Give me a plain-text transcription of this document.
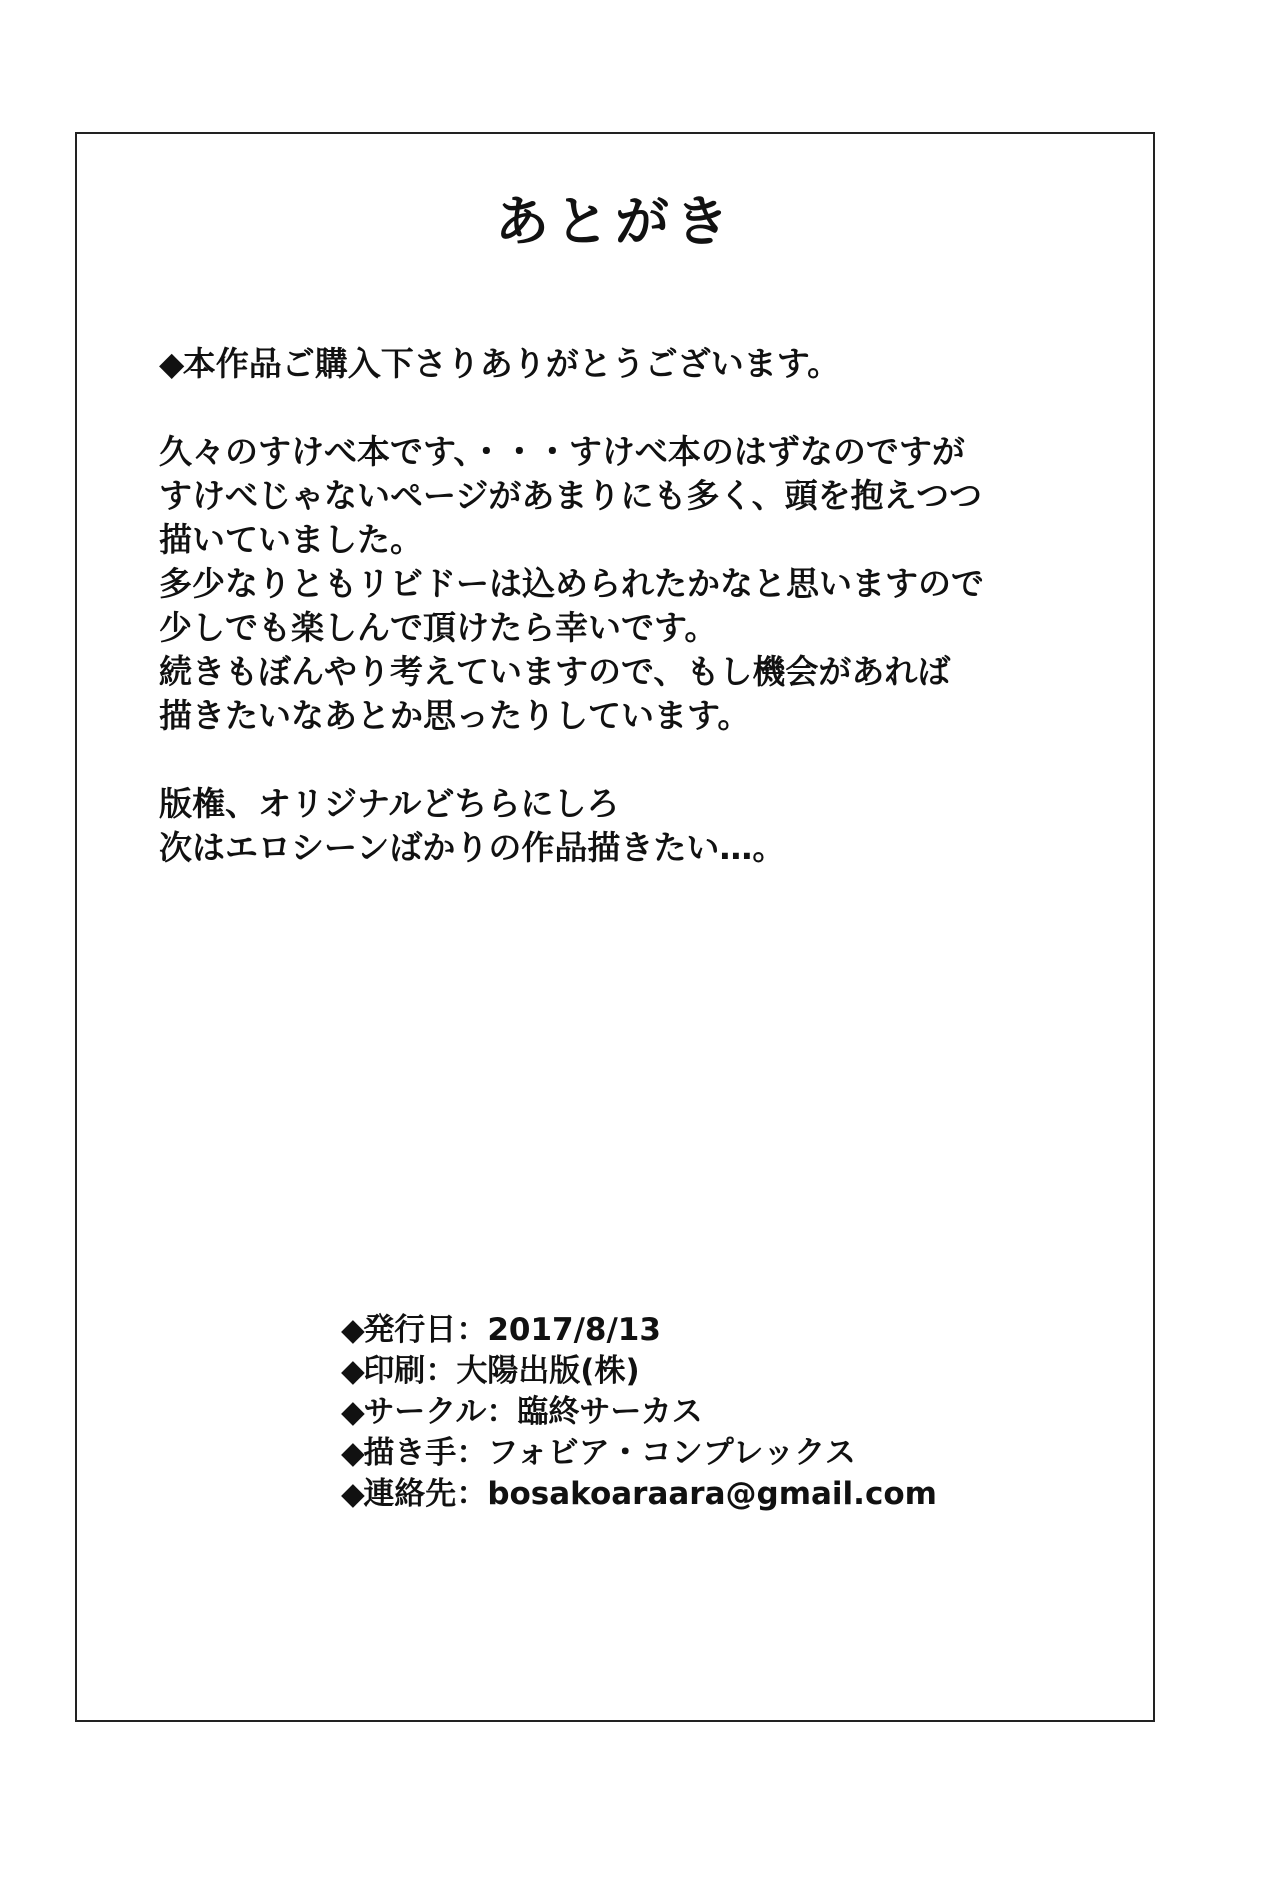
あとがき

◆本作品ご購入下さりありがとうございます。

久々のすけべ本です、・・・すけべ本のはずなのですが
すけべじゃないページがあまりにも多く、頭を抱えつつ
描いていました。
多少なりともリビドーは込められたかなと思いますので
少しでも楽しんで頂けたら幸いです。
続きもぼんやり考えていますので、もし機会があれば
描きたいなあとか思ったりしています。

版権、オリジナルどちらにしろ
次はエロシーンばかりの作品描きたい…。

◆発行日：2017/8/13
◆印刷：大陽出版(株)
◆サークル：臨終サーカス
◆描き手：フォビア・コンプレックス
◆連絡先：bosakoaraara@gmail.com
